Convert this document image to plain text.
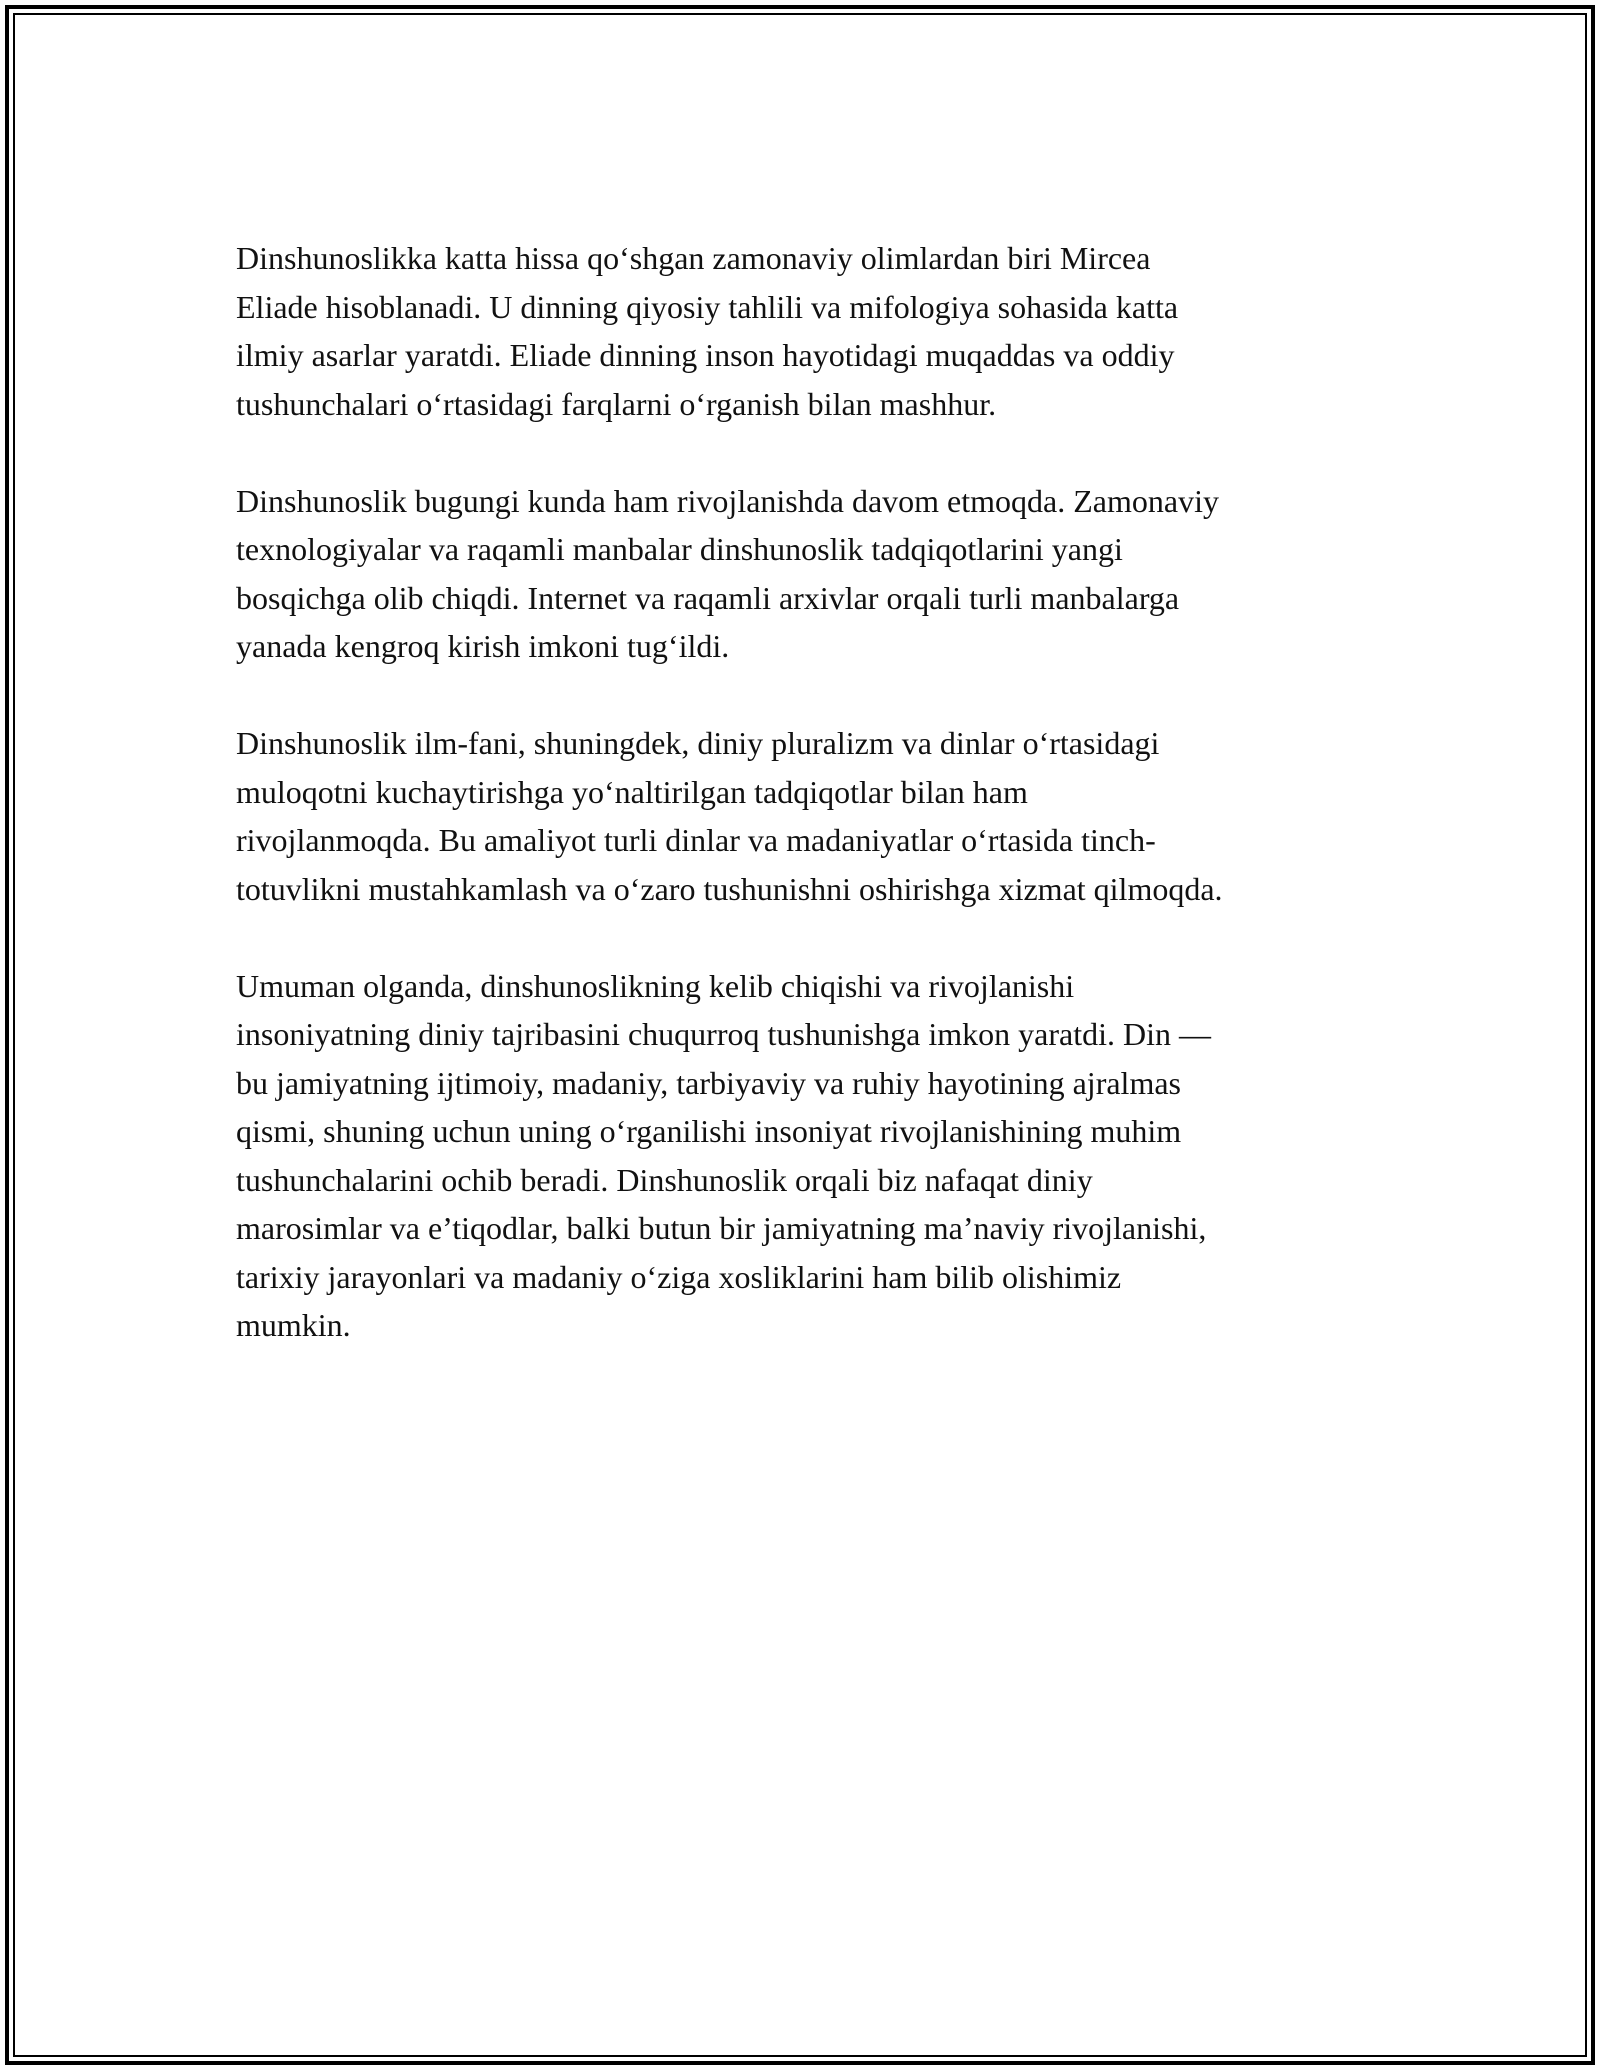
Dinshunoslikka katta hissa qo‘shgan zamonaviy olimlardan biri Mircea
Eliade hisoblanadi. U dinning qiyosiy tahlili va mifologiya sohasida katta
ilmiy asarlar yaratdi. Eliade dinning inson hayotidagi muqaddas va oddiy
tushunchalari o‘rtasidagi farqlarni o‘rganish bilan mashhur.

Dinshunoslik bugungi kunda ham rivojlanishda davom etmoqda. Zamonaviy
texnologiyalar va raqamli manbalar dinshunoslik tadqiqotlarini yangi
bosqichga olib chiqdi. Internet va raqamli arxivlar orqali turli manbalarga
yanada kengroq kirish imkoni tug‘ildi.

Dinshunoslik ilm-fani, shuningdek, diniy pluralizm va dinlar o‘rtasidagi
muloqotni kuchaytirishga yo‘naltirilgan tadqiqotlar bilan ham
rivojlanmoqda. Bu amaliyot turli dinlar va madaniyatlar o‘rtasida tinch-
totuvlikni mustahkamlash va o‘zaro tushunishni oshirishga xizmat qilmoqda.

Umuman olganda, dinshunoslikning kelib chiqishi va rivojlanishi
insoniyatning diniy tajribasini chuqurroq tushunishga imkon yaratdi. Din —
bu jamiyatning ijtimoiy, madaniy, tarbiyaviy va ruhiy hayotining ajralmas
qismi, shuning uchun uning o‘rganilishi insoniyat rivojlanishining muhim
tushunchalarini ochib beradi. Dinshunoslik orqali biz nafaqat diniy
marosimlar va e’tiqodlar, balki butun bir jamiyatning ma’naviy rivojlanishi,
tarixiy jarayonlari va madaniy o‘ziga xosliklarini ham bilib olishimiz
mumkin.
